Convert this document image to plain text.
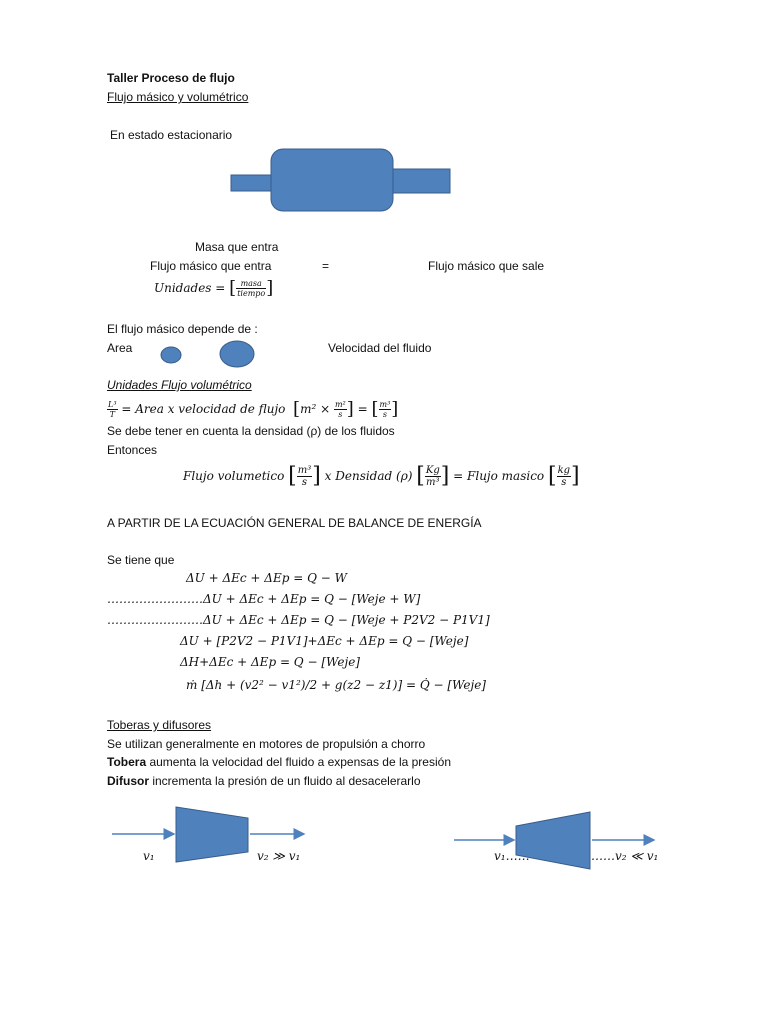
Taller Proceso de flujo
Flujo másico y volumétrico
En estado estacionario
Masa que entra
Flujo másico que entra	=	Flujo másico que sale
Unidades = [ $\frac{\text{masa}}{\text{tiempo}}$ ]
El flujo másico depende de :
Area	Velocidad del fluido
Unidades Flujo volumétrico
$\frac{\text{L³}}{T}$ = Area x velocidad de flujo [$m^2 \times \frac{\text{m²}}{s}$ ] = [ $\frac{\text{m³}}{s}$ ]
Se debe tener en cuenta la densidad (ρ) de los fluidos
Entonces
Flujo volumetico [ $\frac{\text{m³}}{s}$ ] x Densidad (ρ) [ $\frac{Kg}{\text{m³}}$ ] = Flujo masico [ $\frac{kg}{s}$ ]
A PARTIR DE LA ECUACIÓN GENERAL DE BALANCE DE ENERGÍA
Se tiene que
ΔU + ΔEc + ΔEp = Q − W
……………………ΔU + ΔEc + ΔEp = Q − [Weje + W]
……………………ΔU + ΔEc + ΔEp = Q − [Weje + P2V2 − P1V1]
ΔU + [P2V2 − P1V1]+ΔEc + ΔEp = Q − [Weje]
ΔH+ΔEc + ΔEp = Q − [Weje]
ṁ [Δh + (v2² − v1²)/2 + g(z2 − z1)] = Q̇ − [Weje]
Toberas y difusores
Se utilizan generalmente en motores de propulsión a chorro
Tobera aumenta la velocidad del fluido a expensas de la presión
Difusor incrementa la presión de un fluido al desacelerarlo
v₁	v₂ ≫ v₁	v₁……	……v₂ ≪ v₁
